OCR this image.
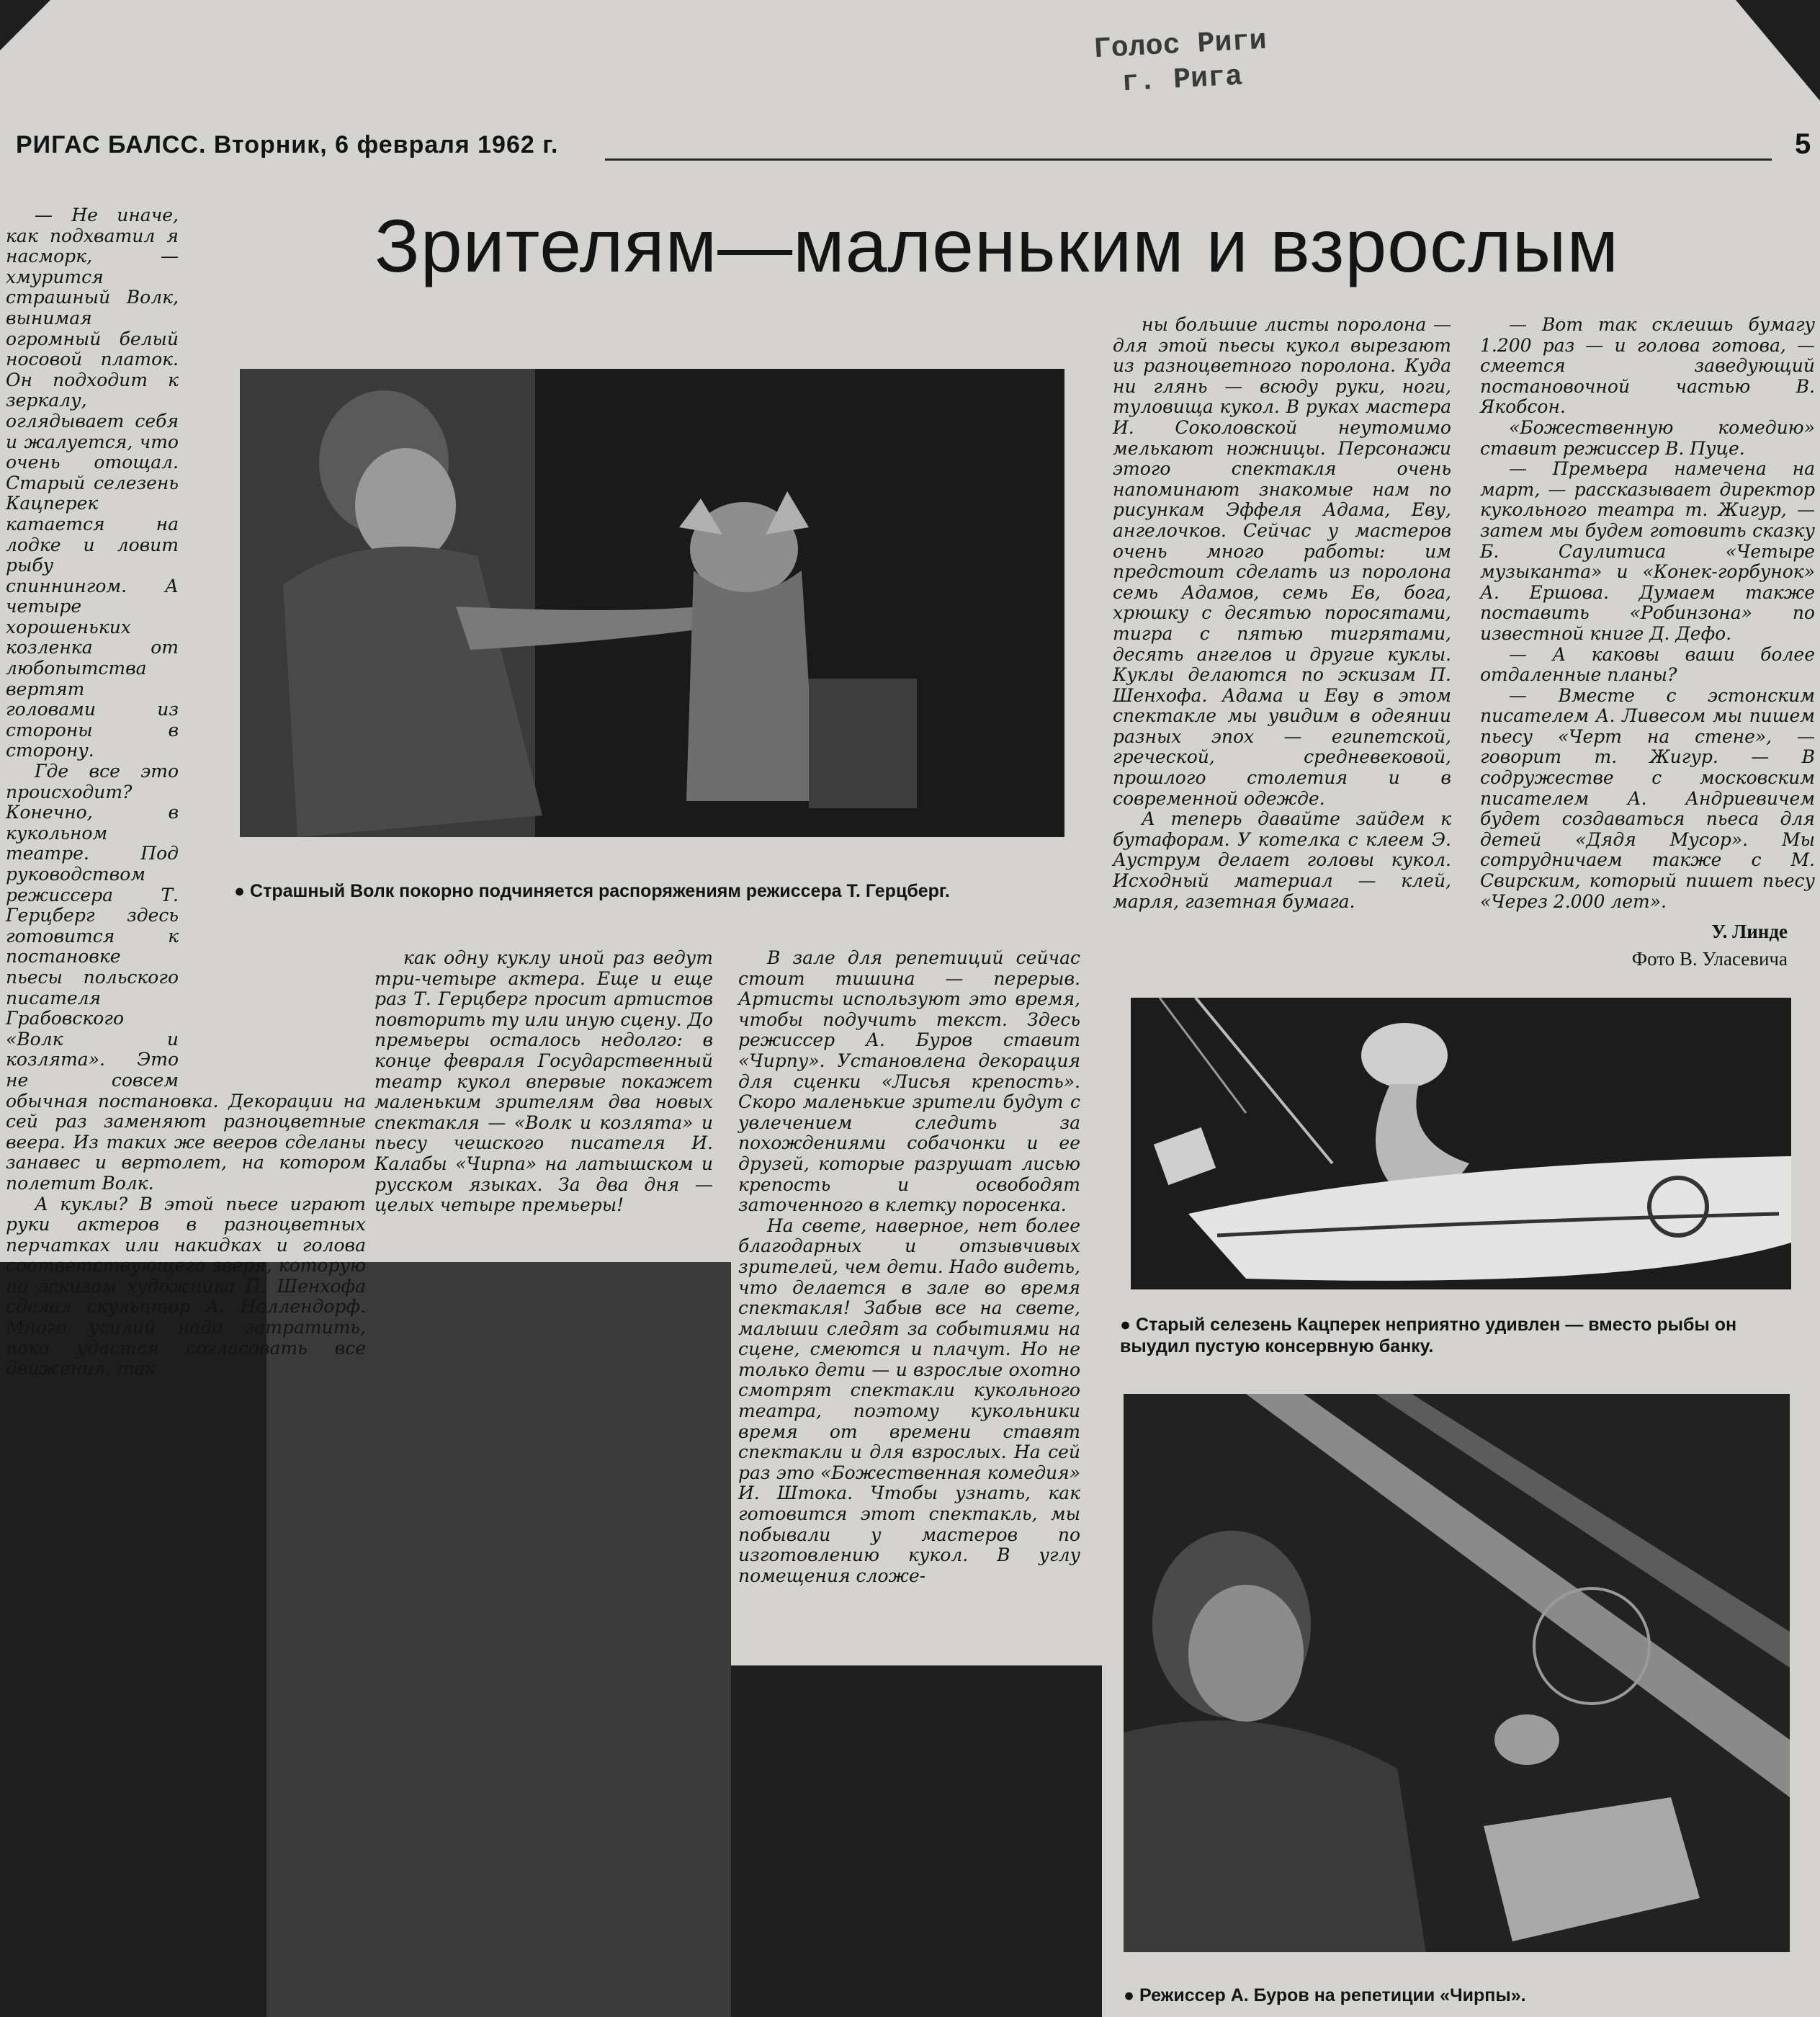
Голос Риги
г. Рига
РИГАС БАЛСС. Вторник, 6 февраля 1962 г.	5
Зрителям—маленьким и взрослым

— Не иначе, как подхватил я насморк, — хмурится страшный Волк, вынимая огромный белый носовой платок. Он подходит к зеркалу, оглядывает себя и жалуется, что очень отощал. Старый селезень Кацперек катается на лодке и ловит рыбу спиннингом. А четыре хорошеньких козленка от любопытства вертят головами из стороны в сторону.

Где все это происходит? Конечно, в кукольном театре. Под руководством режиссера Т. Герцберг здесь готовится к постановке пьесы польского писателя Грабовского «Волк и козлята». Это не совсем обычная постановка. Декорации на сей раз заменяют разноцветные веера. Из таких же вееров сделаны занавес и вертолет, на котором полетит Волк.

А куклы? В этой пьесе играют руки актеров в разноцветных перчатках или накидках и голова соответствующего зверя, которую по эскизам художника П. Шенхофа сделал скульптор А. Ноллендорф. Много усилий надо затратить, пока удастся согласовать все движения, так

● Страшный Волк покорно подчиняется распоряжениям режиссера Т. Герцберг.

как одну куклу иной раз ведут три-четыре актера. Еще и еще раз Т. Герцберг просит артистов повторить ту или иную сцену. До премьеры осталось недолго: в конце февраля Государственный театр кукол впервые покажет маленьким зрителям два новых спектакля — «Волк и козлята» и пьесу чешского писателя И. Калабы «Чирпа» на латышском и русском языках. За два дня — целых четыре премьеры!

В зале для репетиций сейчас стоит тишина — перерыв. Артисты используют это время, чтобы подучить текст. Здесь режиссер А. Буров ставит «Чирпу». Установлена декорация для сценки «Лисья крепость». Скоро маленькие зрители будут с увлечением следить за похождениями собачонки и ее друзей, которые разрушат лисью крепость и освободят заточенного в клетку поросенка.

На свете, наверное, нет более благодарных и отзывчивых зрителей, чем дети. Надо видеть, что делается в зале во время спектакля! Забыв все на свете, малыши следят за событиями на сцене, смеются и плачут. Но не только дети — и взрослые охотно смотрят спектакли кукольного театра, поэтому кукольники время от времени ставят спектакли и для взрослых. На сей раз это «Божественная комедия» И. Штока. Чтобы узнать, как готовится этот спектакль, мы побывали у мастеров по изготовлению кукол. В углу помещения сложе-

ны большие листы поролона — для этой пьесы кукол вырезают из разноцветного поролона. Куда ни глянь — всюду руки, ноги, туловища кукол. В руках мастера И. Соколовской неутомимо мелькают ножницы. Персонажи этого спектакля очень напоминают знакомые нам по рисункам Эффеля Адама, Еву, ангелочков. Сейчас у мастеров очень много работы: им предстоит сделать из поролона семь Адамов, семь Ев, бога, хрюшку с десятью поросятами, тигра с пятью тигрятами, десять ангелов и другие куклы. Куклы делаются по эскизам П. Шенхофа. Адама и Еву в этом спектакле мы увидим в одеянии разных эпох — египетской, греческой, средневековой, прошлого столетия и в современной одежде.

А теперь давайте зайдем к бутафорам. У котелка с клеем Э. Ауструм делает головы кукол. Исходный материал — клей, марля, газетная бумага.

— Вот так склеишь бумагу 1.200 раз — и голова готова, — смеется заведующий постановочной частью В. Якобсон.

«Божественную комедию» ставит режиссер В. Пуце.

— Премьера намечена на март, — рассказывает директор кукольного театра т. Жигур, — затем мы будем готовить сказку Б. Саулитиса «Четыре музыканта» и «Конек-горбунок» А. Ершова. Думаем также поставить «Робинзона» по известной книге Д. Дефо.

— А каковы ваши более отдаленные планы?

— Вместе с эстонским писателем А. Ливесом мы пишем пьесу «Черт на стене», — говорит т. Жигур. — В содружестве с московским писателем А. Андриевичем будет создаваться пьеса для детей «Дядя Мусор». Мы сотрудничаем также с М. Свирским, который пишет пьесу «Через 2.000 лет».

У. Линде
Фото В. Уласевича
● Старый селезень Кацперек неприятно удивлен — вместо рыбы он выудил пустую консервную банку.
● Режиссер А. Буров на репетиции «Чирпы».
